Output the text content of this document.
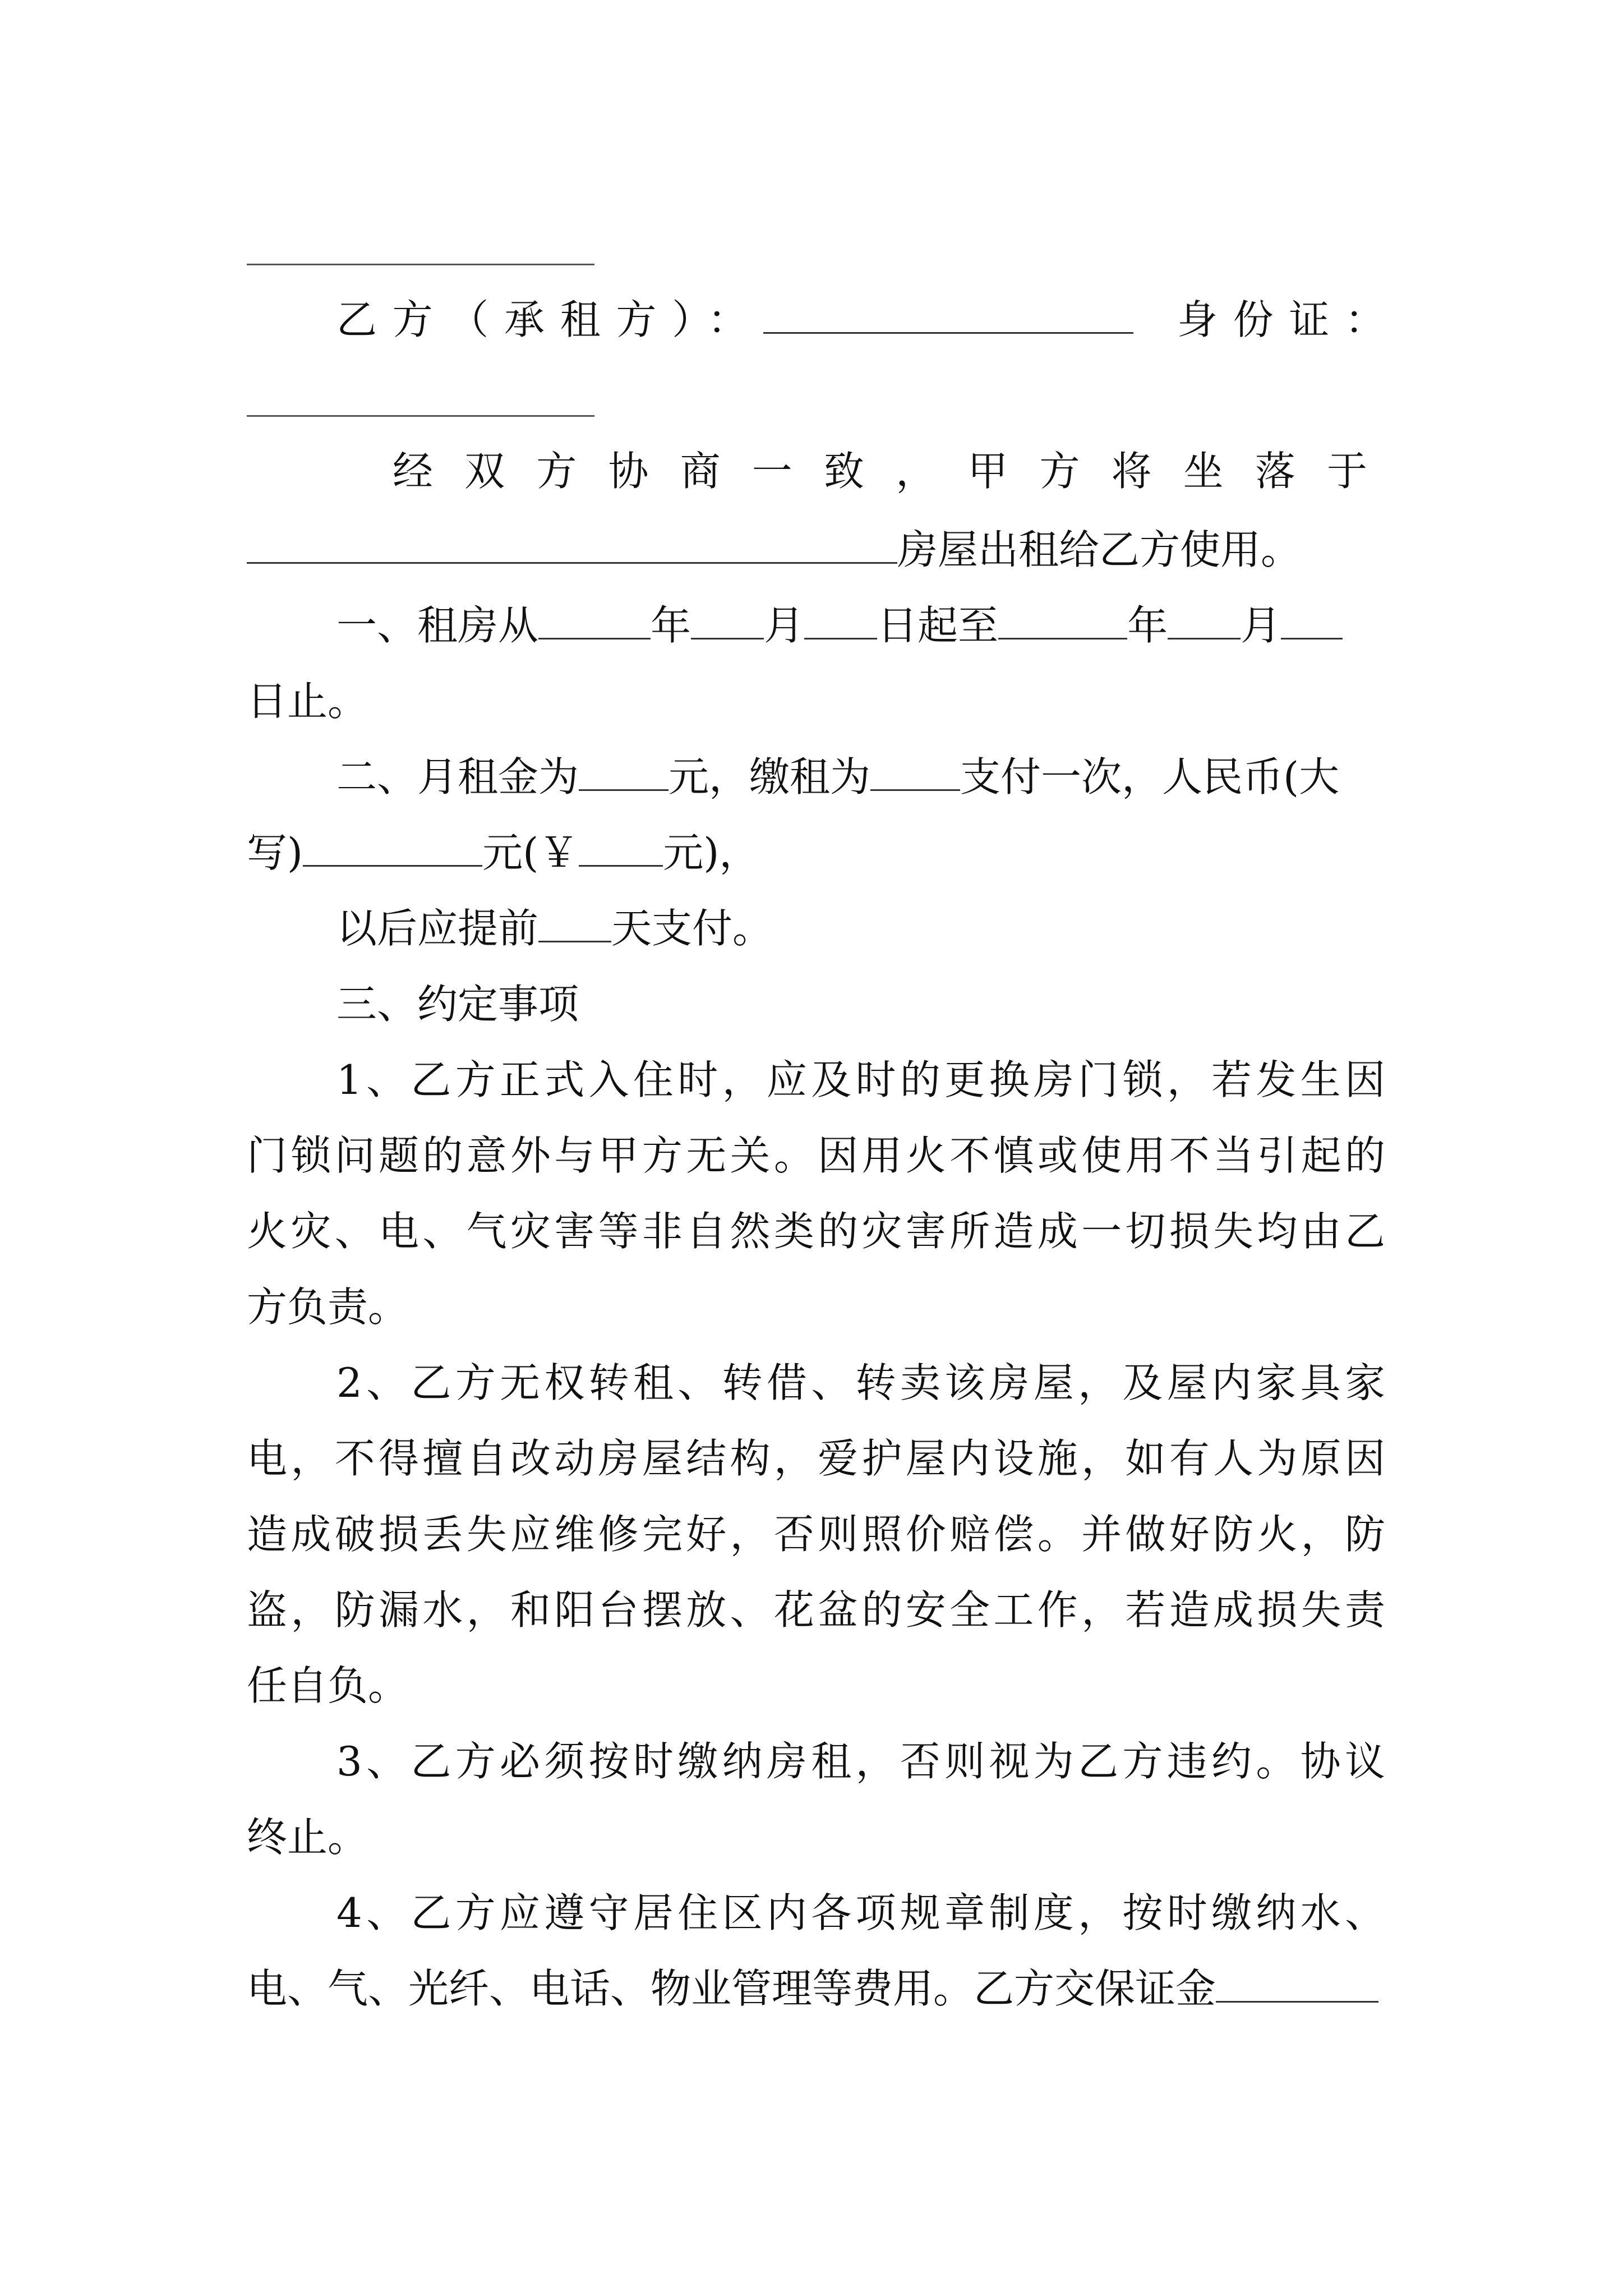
乙方（承租方）：	身份证：
经双方协商一致，甲方将坐落于
房屋出租给乙方使用。
一、租房从	年 月 日起至	年 月
日止。
二、月租金为 元，缴租为 支付一次，人民币(大
写)	元(￥ 元)，
以后应提前 天支付。
三、约定事项
1、乙方正式入住时，应及时的更换房门锁，若发生因
门锁问题的意外与甲方无关。因用火不慎或使用不当引起的
火灾、电、气灾害等非自然类的灾害所造成一切损失均由乙
方负责。
2、乙方无权转租、转借、转卖该房屋，及屋内家具家
电，不得擅自改动房屋结构，爱护屋内设施，如有人为原因
造成破损丢失应维修完好，否则照价赔偿。并做好防火，防
盗，防漏水，和阳台摆放、花盆的安全工作，若造成损失责
任自负。
3、乙方必须按时缴纳房租，否则视为乙方违约。协议
终止。
4、乙方应遵守居住区内各项规章制度，按时缴纳水、
电、气、光纤、电话、物业管理等费用。乙方交保证金
